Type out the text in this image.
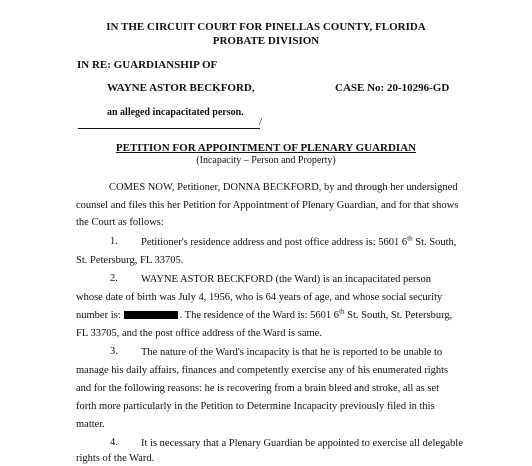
IN THE CIRCUIT COURT FOR PINELLAS COUNTY, FLORIDA
PROBATE DIVISION
IN RE: GUARDIANSHIP OF
WAYNE ASTOR BECKFORD,	CASE No: 20-10296-GD
an alleged incapacitated person.
/
PETITION FOR APPOINTMENT OF PLENARY GUARDIAN
(Incapacity – Person and Property)
COMES NOW, Petitioner, DONNA BECKFORD, by and through her undersigned
counsel and files this her Petition for Appointment of Plenary Guardian, and for that shows
the Court as follows:
1. Petitioner's residence address and post office address is: 5601 6th St. South,
St. Petersburg, FL 33705.
2. WAYNE ASTOR BECKFORD (the Ward) is an incapacitated person
whose date of birth was July 4, 1956, who is 64 years of age, and whose social security
number is:	. The residence of the Ward is: 5601 6th St. South, St. Petersburg,
FL 33705, and the post office address of the Ward is same.
3. The nature of the Ward's incapacity is that he is reported to be unable to
manage his daily affairs, finances and competently exercise any of his enumerated rights
and for the following reasons: he is recovering from a brain bleed and stroke, all as set
forth more particularly in the Petition to Determine Incapacity previously filed in this
matter.
4. It is necessary that a Plenary Guardian be appointed to exercise all delegable
rights of the Ward.
